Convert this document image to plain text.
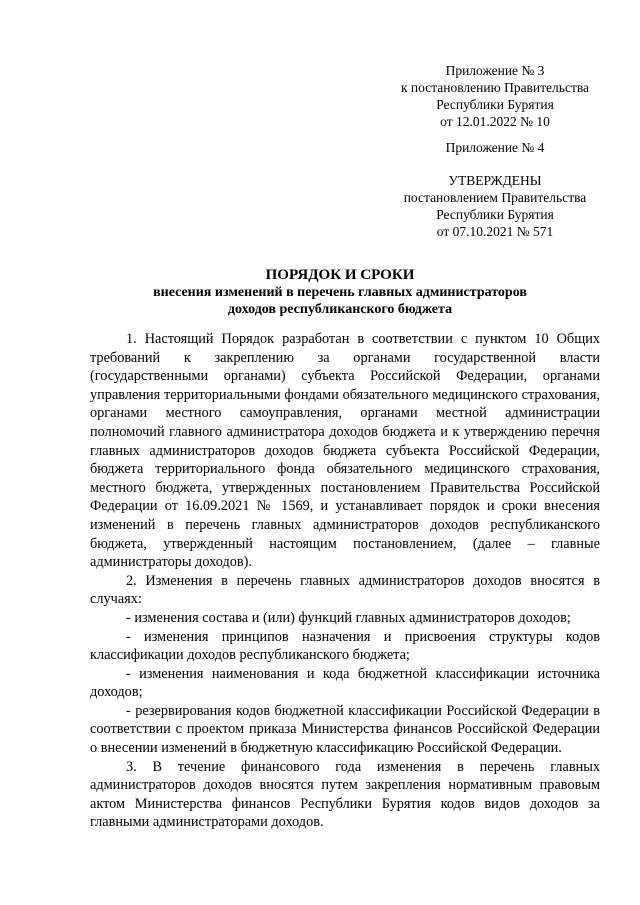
Приложение № 3
к постановлению Правительства
Республики Бурятия
от 12.01.2022 № 10
Приложение № 4
УТВЕРЖДЕНЫ
постановлением Правительства
Республики Бурятия
от 07.10.2021 № 571
ПОРЯДОК И СРОКИ
внесения изменений в перечень главных администраторов
доходов республиканского бюджета

1. Настоящий Порядок разработан в соответствии с пунктом 10 Общих требований к закреплению за органами государственной власти (государственными органами) субъекта Российской Федерации, органами управления территориальными фондами обязательного медицинского страхования, органами местного самоуправления, органами местной администрации полномочий главного администратора доходов бюджета и к утверждению перечня главных администраторов доходов бюджета субъекта Российской Федерации, бюджета территориального фонда обязательного медицинского страхования, местного бюджета, утвержденных постановлением Правительства Российской Федерации от 16.09.2021 № 1569, и устанавливает порядок и сроки внесения изменений в перечень главных администраторов доходов республиканского бюджета, утвержденный настоящим постановлением, (далее – главные администраторы доходов).

2. Изменения в перечень главных администраторов доходов вносятся в случаях:

- изменения состава и (или) функций главных администраторов доходов;

- изменения принципов назначения и присвоения структуры кодов классификации доходов республиканского бюджета;

- изменения наименования и кода бюджетной классификации источника доходов;

- резервирования кодов бюджетной классификации Российской Федерации в соответствии с проектом приказа Министерства финансов Российской Федерации о внесении изменений в бюджетную классификацию Российской Федерации.

3. В течение финансового года изменения в перечень главных администраторов доходов вносятся путем закрепления нормативным правовым актом Министерства финансов Республики Бурятия кодов видов доходов за главными администраторами доходов.
